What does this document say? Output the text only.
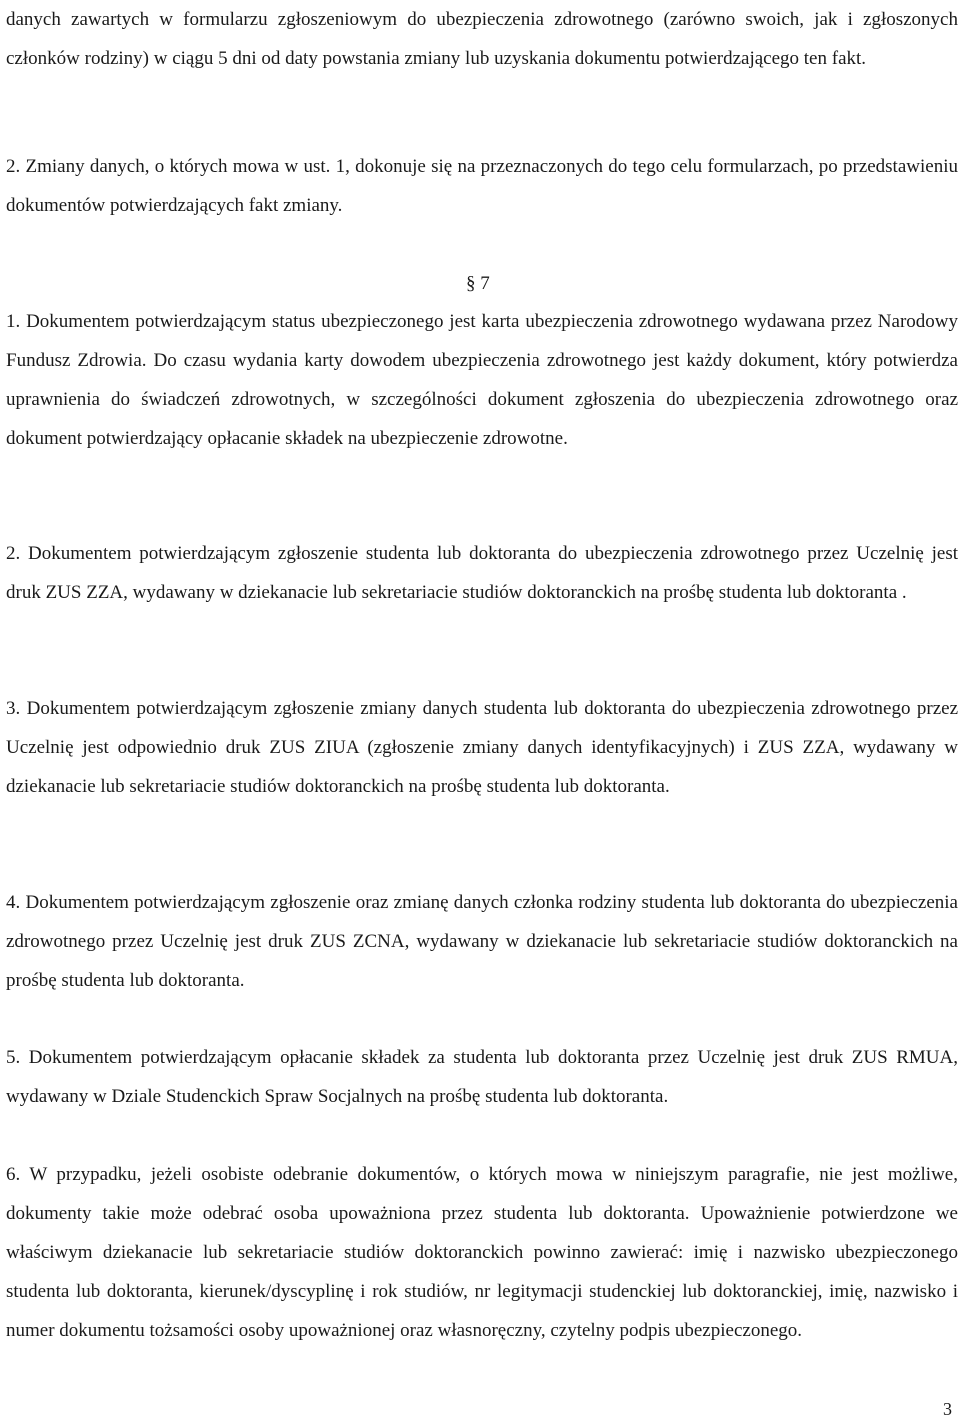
danych zawartych w formularzu zgłoszeniowym do ubezpieczenia zdrowotnego (zarówno swoich, jak i zgłoszonych członków rodziny) w ciągu 5 dni od daty powstania zmiany lub uzyskania dokumentu potwierdzającego ten fakt.

2. Zmiany danych, o których mowa w ust. 1, dokonuje się na przeznaczonych do tego celu formularzach, po przedstawieniu dokumentów potwierdzających fakt zmiany.

§ 7

1. Dokumentem potwierdzającym status ubezpieczonego jest karta ubezpieczenia zdrowotnego wydawana przez Narodowy Fundusz Zdrowia. Do czasu wydania karty dowodem ubezpieczenia zdrowotnego jest każdy dokument, który potwierdza uprawnienia do świadczeń zdrowotnych, w szczególności dokument zgłoszenia do ubezpieczenia zdrowotnego oraz dokument potwierdzający opłacanie składek na ubezpieczenie zdrowotne.

2. Dokumentem potwierdzającym zgłoszenie studenta lub doktoranta do ubezpieczenia zdrowotnego przez Uczelnię jest druk ZUS ZZA, wydawany w dziekanacie lub sekretariacie studiów doktoranckich na prośbę studenta lub doktoranta .

3. Dokumentem potwierdzającym zgłoszenie zmiany danych studenta lub doktoranta do ubezpieczenia zdrowotnego przez Uczelnię jest odpowiednio druk ZUS ZIUA (zgłoszenie zmiany danych identyfikacyjnych) i ZUS ZZA, wydawany w dziekanacie lub sekretariacie studiów doktoranckich na prośbę studenta lub doktoranta.

4. Dokumentem potwierdzającym zgłoszenie oraz zmianę danych członka rodziny studenta lub doktoranta do ubezpieczenia zdrowotnego przez Uczelnię jest druk ZUS ZCNA, wydawany w dziekanacie lub sekretariacie studiów doktoranckich na prośbę studenta lub doktoranta.

5. Dokumentem potwierdzającym opłacanie składek za studenta lub doktoranta przez Uczelnię jest druk ZUS RMUA, wydawany w Dziale Studenckich Spraw Socjalnych na prośbę studenta lub doktoranta.

6. W przypadku, jeżeli osobiste odebranie dokumentów, o których mowa w niniejszym paragrafie, nie jest możliwe, dokumenty takie może odebrać osoba upoważniona przez studenta lub doktoranta. Upoważnienie potwierdzone we właściwym dziekanacie lub sekretariacie studiów doktoranckich powinno zawierać: imię i nazwisko ubezpieczonego studenta lub doktoranta, kierunek/dyscyplinę i rok studiów, nr legitymacji studenckiej lub doktoranckiej, imię, nazwisko i numer dokumentu tożsamości osoby upoważnionej oraz własnoręczny, czytelny podpis ubezpieczonego.

3
